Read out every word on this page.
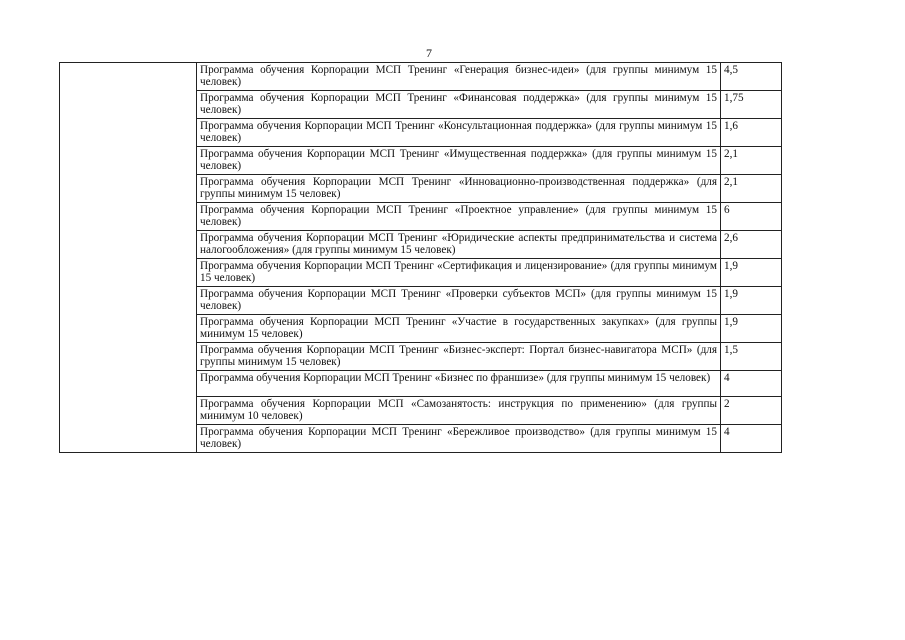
7
	Программа обучения Корпорации МСП Тренинг «Генерация бизнес-идеи» (для группы минимум 15 человек)	4,5
	Программа обучения Корпорации МСП Тренинг «Финансовая поддержка» (для группы минимум 15 человек)	1,75
	Программа обучения Корпорации МСП Тренинг «Консультационная поддержка» (для группы минимум 15 человек)	1,6
	Программа обучения Корпорации МСП Тренинг «Имущественная поддержка» (для группы минимум 15 человек)	2,1
	Программа обучения Корпорации МСП Тренинг «Инновационно-производственная поддержка» (для группы минимум 15 человек)	2,1
	Программа обучения Корпорации МСП Тренинг «Проектное управление» (для группы минимум 15 человек)	6
	Программа обучения Корпорации МСП Тренинг «Юридические аспекты предпринимательства и система налогообложения» (для группы минимум 15 человек)	2,6
	Программа обучения Корпорации МСП Тренинг «Сертификация и лицензирование» (для группы минимум 15 человек)	1,9
	Программа обучения Корпорации МСП Тренинг «Проверки субъектов МСП» (для группы минимум 15 человек)	1,9
	Программа обучения Корпорации МСП Тренинг «Участие в государственных закупках» (для группы минимум 15 человек)	1,9
	Программа обучения Корпорации МСП Тренинг «Бизнес-эксперт: Портал бизнес-навигатора МСП» (для группы минимум 15 человек)	1,5
	Программа обучения Корпорации МСП Тренинг «Бизнес по франшизе» (для группы минимум 15 человек)	4
	Программа обучения Корпорации МСП «Самозанятость: инструкция по применению» (для группы минимум 10 человек)	2
	Программа обучения Корпорации МСП Тренинг «Бережливое производство» (для группы минимум 15 человек)	4
